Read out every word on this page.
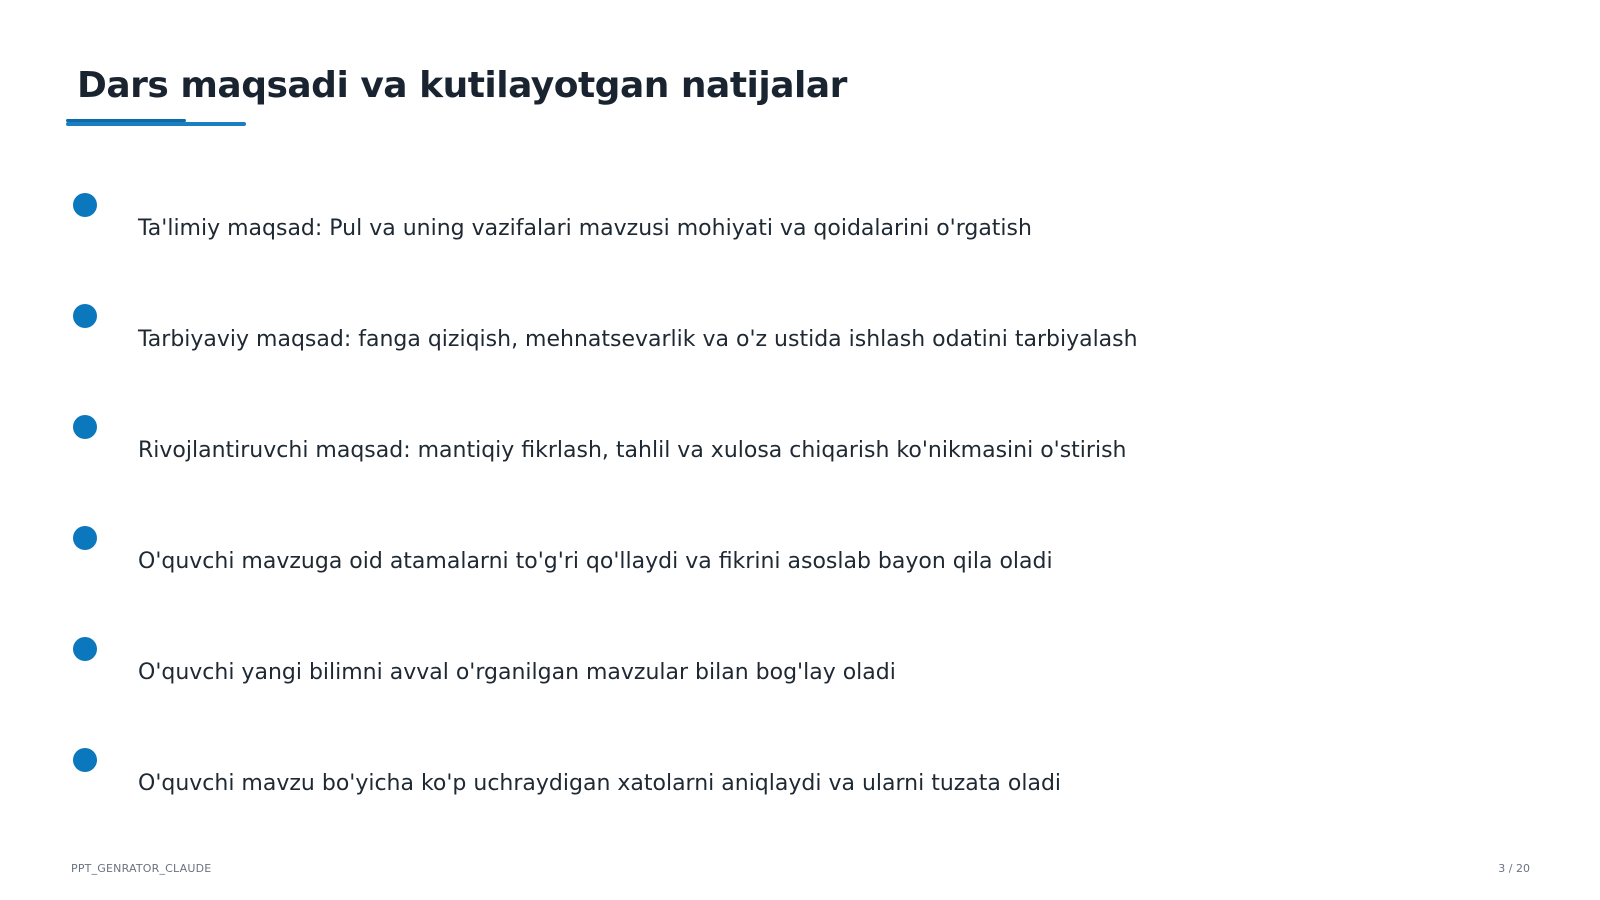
Dars maqsadi va kutilayotgan natijalar
Ta'limiy maqsad: Pul va uning vazifalari mavzusi mohiyati va qoidalarini o'rgatish
Tarbiyaviy maqsad: fanga qiziqish, mehnatsevarlik va o'z ustida ishlash odatini tarbiyalash
Rivojlantiruvchi maqsad: mantiqiy fikrlash, tahlil va xulosa chiqarish ko'nikmasini o'stirish
O'quvchi mavzuga oid atamalarni to'g'ri qo'llaydi va fikrini asoslab bayon qila oladi
O'quvchi yangi bilimni avval o'rganilgan mavzular bilan bog'lay oladi
O'quvchi mavzu bo'yicha ko'p uchraydigan xatolarni aniqlaydi va ularni tuzata oladi
PPT_GENRATOR_CLAUDE	3 / 20
